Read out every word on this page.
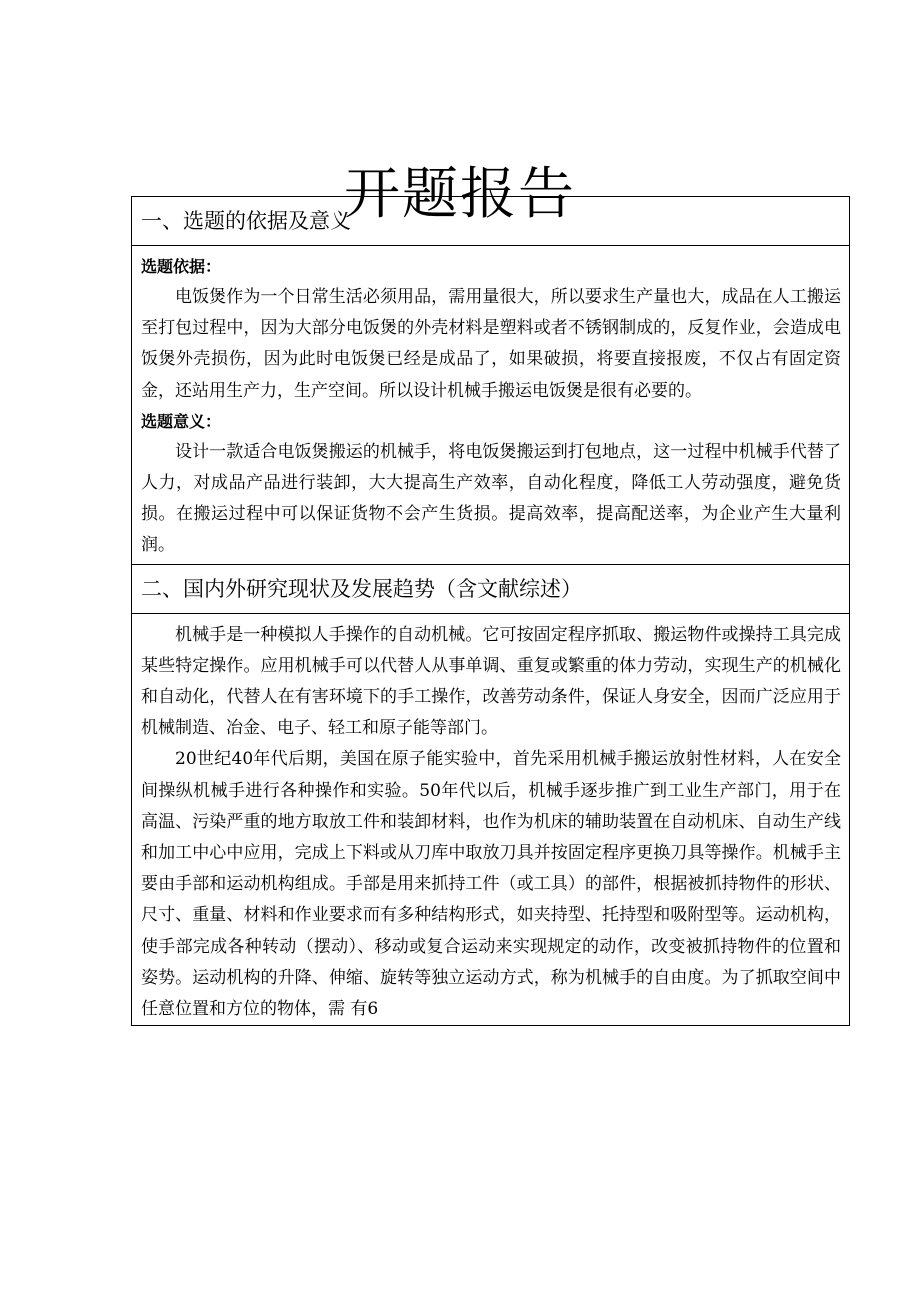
开题报告
一、选题的依据及意义
选题依据：

电饭煲作为一个日常生活必须用品，需用量很大，所以要求生产量也大，成品在人工搬运至打包过程中，因为大部分电饭煲的外壳材料是塑料或者不锈钢制成的，反复作业，会造成电饭煲外壳损伤，因为此时电饭煲已经是成品了，如果破损，将要直接报废，不仅占有固定资金，还站用生产力，生产空间。所以设计机械手搬运电饭煲是很有必要的。

选题意义：

设计一款适合电饭煲搬运的机械手，将电饭煲搬运到打包地点，这一过程中机械手代替了人力，对成品产品进行装卸，大大提高生产效率，自动化程度，降低工人劳动强度，避免货损。在搬运过程中可以保证货物不会产生货损。提高效率，提高配送率，为企业产生大量利润。

二、国内外研究现状及发展趋势（含文献综述）

机械手是一种模拟人手操作的自动机械。它可按固定程序抓取、搬运物件或操持工具完成某些特定操作。应用机械手可以代替人从事单调、重复或繁重的体力劳动，实现生产的机械化和自动化，代替人在有害环境下的手工操作，改善劳动条件，保证人身安全，因而广泛应用于机械制造、冶金、电子、轻工和原子能等部门。

20世纪40年代后期，美国在原子能实验中，首先采用机械手搬运放射性材料，人在安全间操纵机械手进行各种操作和实验。50年代以后，机械手逐步推广到工业生产部门，用于在高温、污染严重的地方取放工件和装卸材料，也作为机床的辅助装置在自动机床、自动生产线和加工中心中应用，完成上下料或从刀库中取放刀具并按固定程序更换刀具等操作。机械手主要由手部和运动机构组成。手部是用来抓持工件（或工具）的部件，根据被抓持物件的形状、尺寸、重量、材料和作业要求而有多种结构形式，如夹持型、托持型和吸附型等。运动机构，使手部完成各种转动（摆动）、移动或复合运动来实现规定的动作，改变被抓持物件的位置和姿势。运动机构的升降、伸缩、旋转等独立运动方式，称为机械手的自由度。为了抓取空间中任意位置和方位的物体，需 有6
